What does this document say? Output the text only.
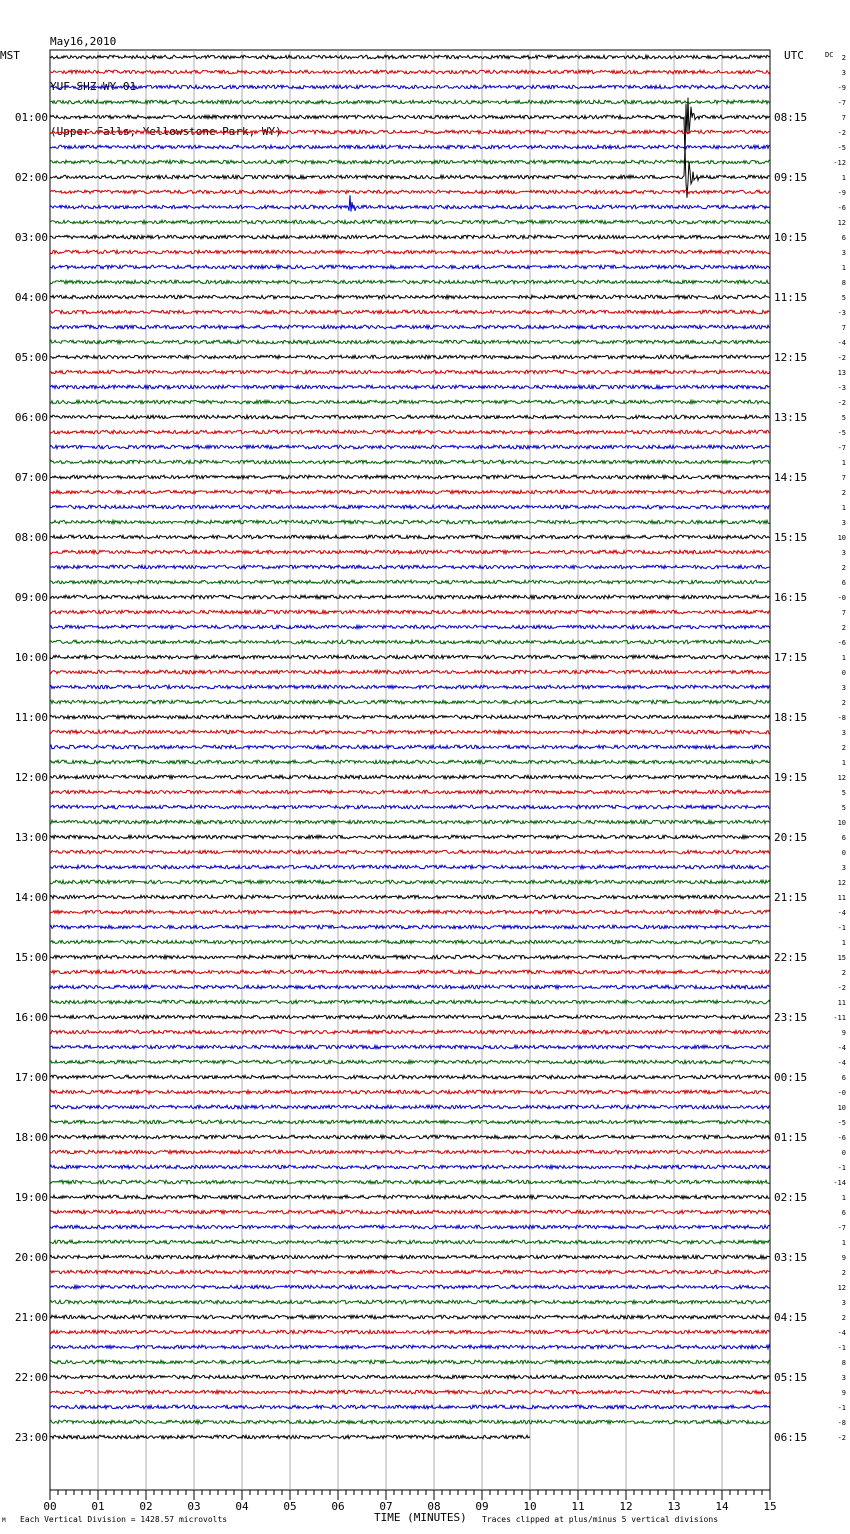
May16,2010

YUF SHZ WY 01

(Upper Falls, Yellowstone Park, WY)

MST	UTC	DC 2
3
-9
-7
7
-2
-5
-12
1
-9
-6
12
6
3
1
8
5
-3
7
-4
-2
13
-3
-2
5
-5
-7
1
7
2
1
3
10
3
2
6
-0
7
2
-6
1
0
3
2
-8
3
2
1
12
5
5
10
6
0
3
12
11
-4
-1
1
15
2
-2
11
-11
9
-4
-4
6
-0
10
-5
-6
0
-1
-14
1
6
-7
1
9
2
12
3
2
-4
-1
8
3
9
-1
-8
-2
01:00
02:00
03:00
04:00
05:00
06:00
07:00
08:00
09:00
10:00
11:00
12:00
13:00
14:00
15:00
16:00
17:00
18:00
19:00
20:00
21:00
22:00
23:00
08:15
09:15
10:15
11:15
12:15
13:15
14:15
15:15
16:15
17:15
18:15
19:15
20:15
21:15
22:15
23:15
00:15
01:15
02:15
03:15
04:15
05:15
06:15
00	01	02	03	04	05	06	07	08	09	10	11	12	13	14	15
M Each Vertical Division = 1428.57 microvolts	TIME (MINUTES) Traces clipped at plus/minus 5 vertical divisions
